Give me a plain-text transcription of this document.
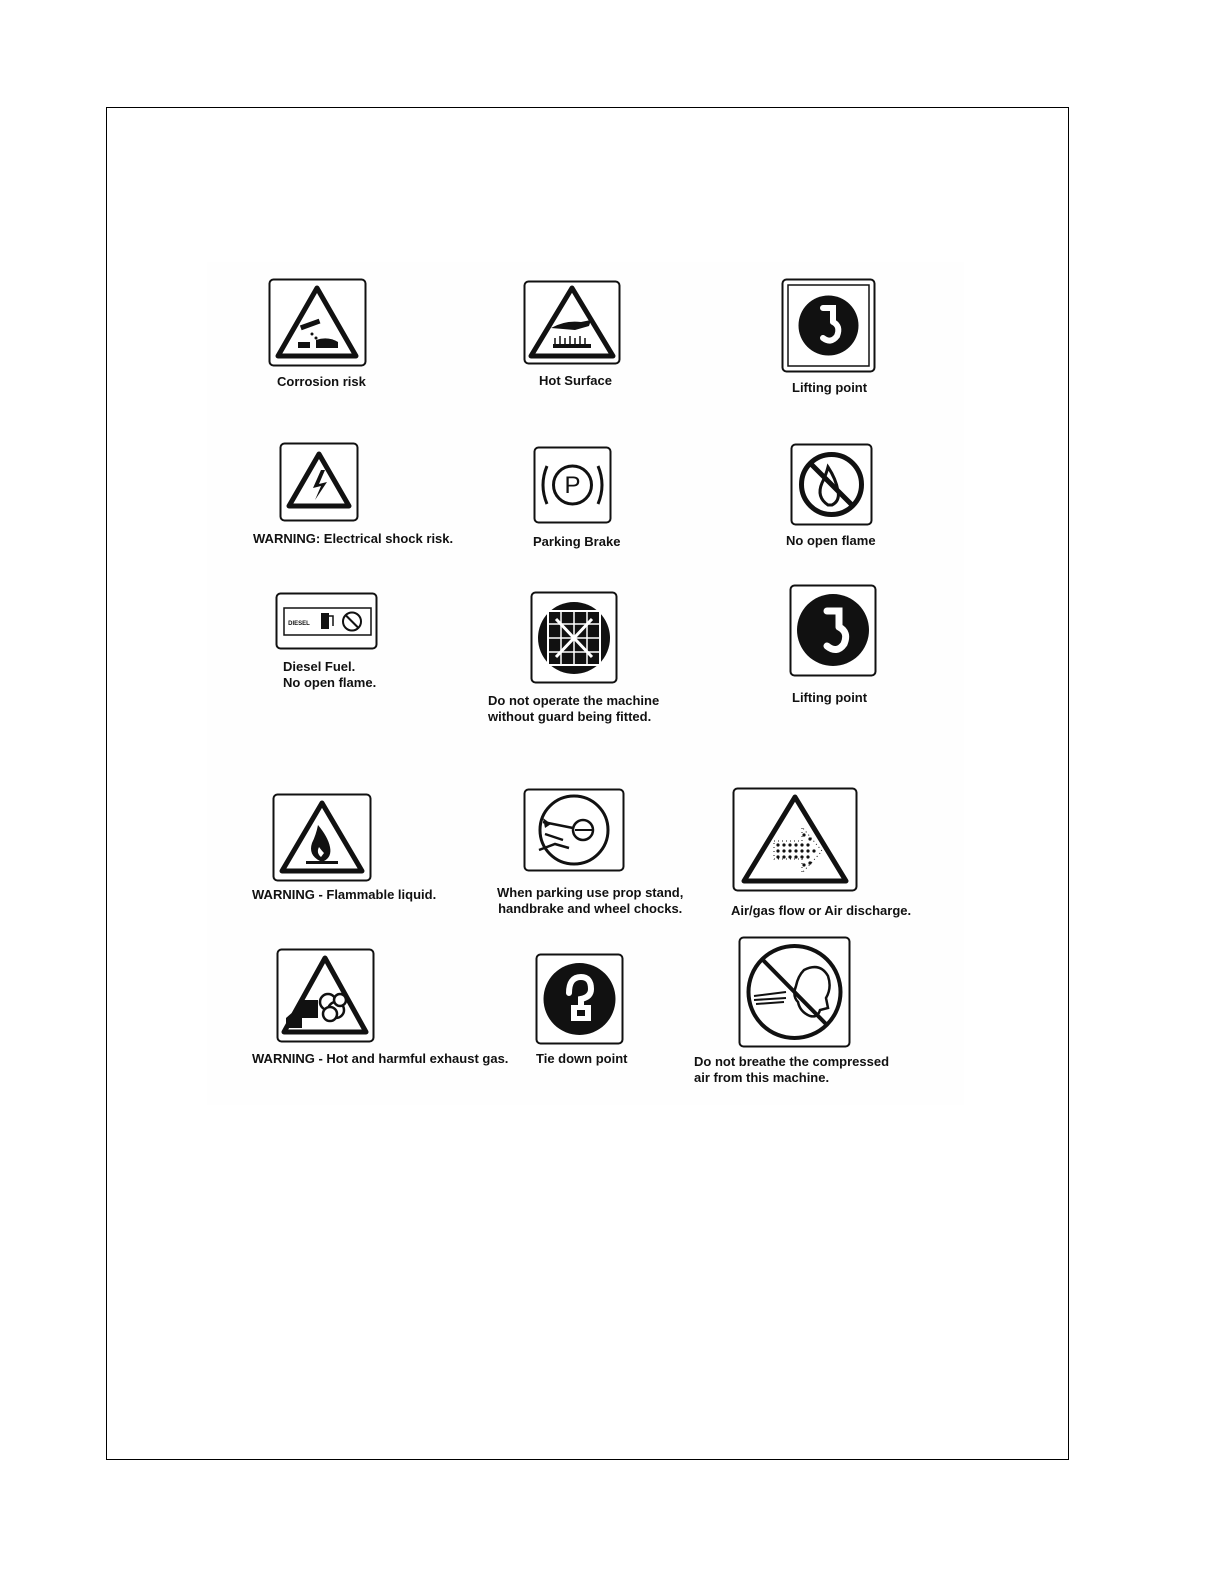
Corrosion risk	Hot Surface	Lifting point
WARNING: Electrical shock risk.
P
Parking Brake	No open flame
DIESEL
Diesel Fuel.
No open flame.
Do not operate the machine
without guard being fitted.
Lifting point
WARNING - Flammable liquid.	When parking use prop stand,
handbrake and wheel chocks.	Air/gas flow or Air discharge.
WARNING - Hot and harmful exhaust gas. Tie down point	Do not breathe the compressed
air from this machine.
